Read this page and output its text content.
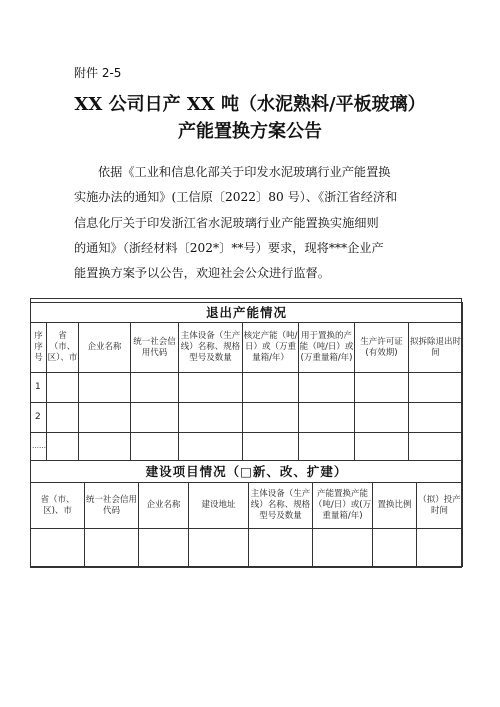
附件 2-5
XX 公司日产 XX 吨（水泥熟料/平板玻璃）
产能置换方案公告
依据《工业和信息化部关于印发水泥玻璃行业产能置换
实施办法的通知》(工信原〔2022〕80 号）、《浙江省经济和
信息化厅关于印发浙江省水泥玻璃行业产能置换实施细则
的通知》（浙经材料〔202*〕**号）要求，现将***企业产
能置换方案予以公告，欢迎社会公众进行监督。
退出产能情况								
序序号	省（市、区）、市	企业名称	统一社会信用代码	主体设备（生产线）名称、规格型号及数量	核定产能（吨/日）或（万重量箱/年）	用于置换的产能（吨/日）或(万重量箱/年)	生产许可证(有效期)	拟拆除退出时间
1								
2								
……								
建设项目情况（□新、改、扩建）							
省（市、区)、市	统一社会信用代码	企业名称	建设地址	主体设备（生产线）名称、规格型号及数量	产能置换产能（吨/日）或(万重量箱/年)	置换比例	（拟）投产时间
